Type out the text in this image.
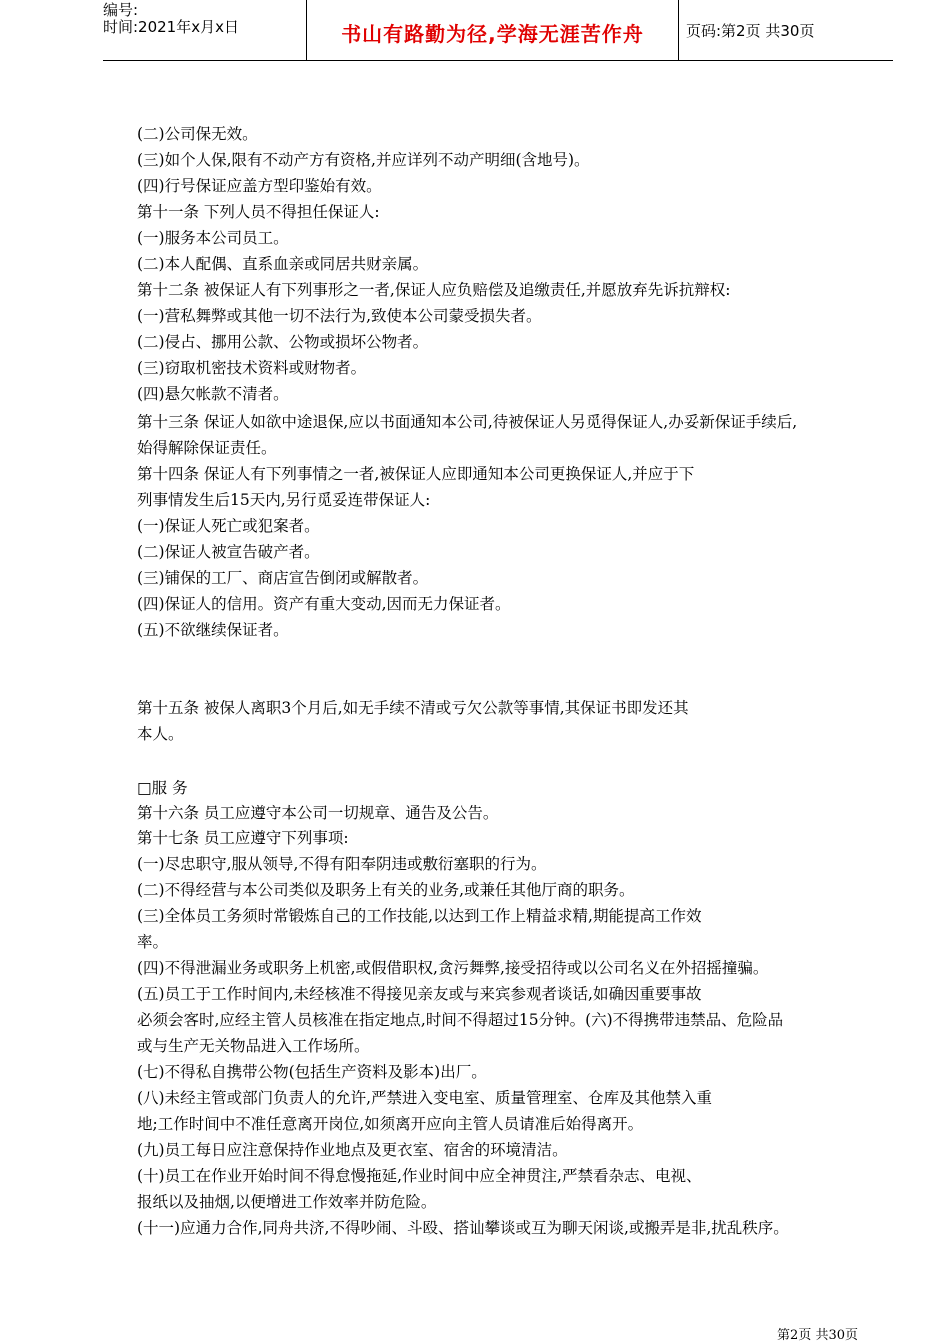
编号:
时间:2021年x月x日	书山有路勤为径,学海无涯苦作舟	页码:第2页 共30页
(二)公司保无效。
(三)如个人保,限有不动产方有资格,并应详列不动产明细(含地号)。
(四)行号保证应盖方型印鉴始有效。
第十一条 下列人员不得担任保证人:
(一)服务本公司员工。
(二)本人配偶、直系血亲或同居共财亲属。
第十二条 被保证人有下列事形之一者,保证人应负赔偿及追缴责任,并愿放弃先诉抗辩权:
(一)营私舞弊或其他一切不法行为,致使本公司蒙受损失者。
(二)侵占、挪用公款、公物或损坏公物者。
(三)窃取机密技术资料或财物者。
(四)悬欠帐款不清者。
第十三条 保证人如欲中途退保,应以书面通知本公司,待被保证人另觅得保证人,办妥新保证手续后,
始得解除保证责任。
第十四条 保证人有下列事情之一者,被保证人应即通知本公司更换保证人,并应于下
列事情发生后15天内,另行觅妥连带保证人:
(一)保证人死亡或犯案者。
(二)保证人被宣告破产者。
(三)铺保的工厂、商店宣告倒闭或解散者。
(四)保证人的信用。资产有重大变动,因而无力保证者。
(五)不欲继续保证者。
第十五条 被保人离职3个月后,如无手续不清或亏欠公款等事情,其保证书即发还其
本人。
□服 务
第十六条 员工应遵守本公司一切规章、通告及公告。
第十七条 员工应遵守下列事项:
(一)尽忠职守,服从领导,不得有阳奉阴违或敷衍塞职的行为。
(二)不得经营与本公司类似及职务上有关的业务,或兼任其他厅商的职务。
(三)全体员工务须时常锻炼自己的工作技能,以达到工作上精益求精,期能提高工作效
率。
(四)不得泄漏业务或职务上机密,或假借职权,贪污舞弊,接受招待或以公司名义在外招摇撞骗。
(五)员工于工作时间内,未经核准不得接见亲友或与来宾参观者谈话,如确因重要事故
必须会客时,应经主管人员核准在指定地点,时间不得超过15分钟。(六)不得携带违禁品、危险品
或与生产无关物品进入工作场所。
(七)不得私自携带公物(包括生产资料及影本)出厂。
(八)未经主管或部门负责人的允许,严禁进入变电室、质量管理室、仓库及其他禁入重
地;工作时间中不准任意离开岗位,如须离开应向主管人员请准后始得离开。
(九)员工每日应注意保持作业地点及更衣室、宿舍的环境清洁。
(十)员工在作业开始时间不得怠慢拖延,作业时间中应全神贯注,严禁看杂志、电视、
报纸以及抽烟,以便增进工作效率并防危险。
(十一)应通力合作,同舟共济,不得吵闹、斗殴、搭讪攀谈或互为聊天闲谈,或搬弄是非,扰乱秩序。
第2页 共30页
